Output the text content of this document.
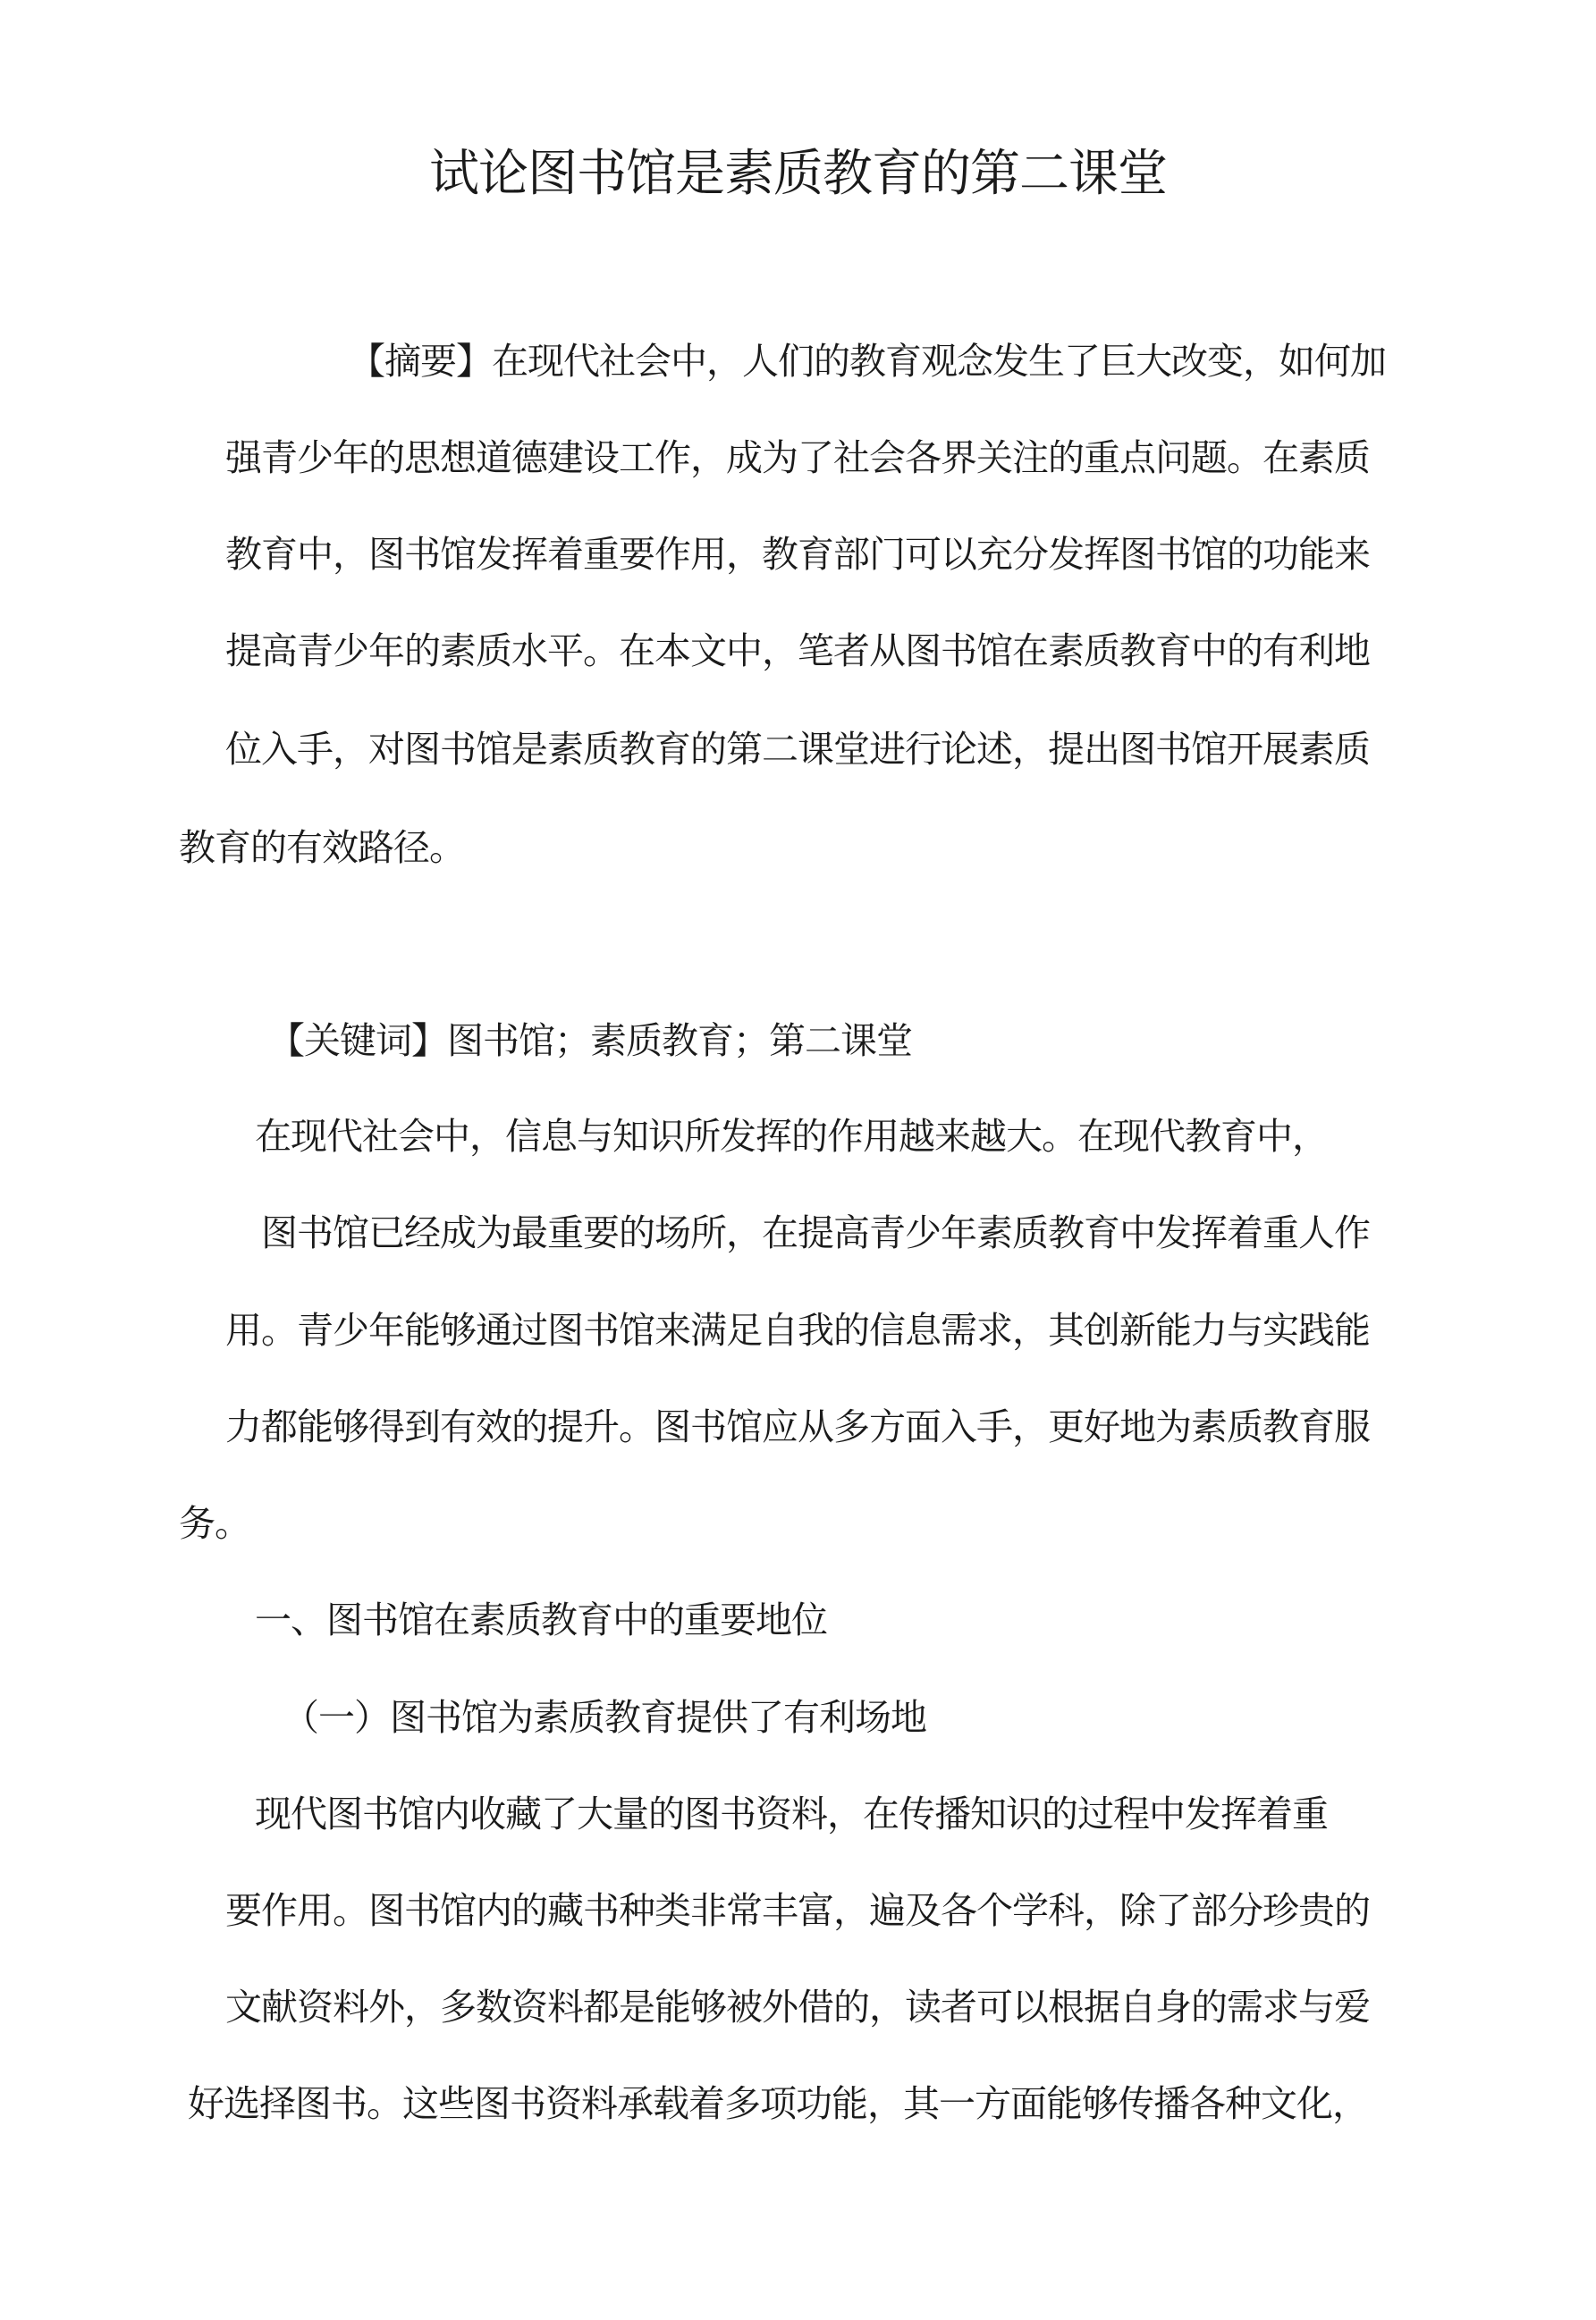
试论图书馆是素质教育的第二课堂
【摘要】在现代社会中，人们的教育观念发生了巨大改变，如何加
强青少年的思想道德建设工作，成为了社会各界关注的重点问题。在素质
教育中，图书馆发挥着重要作用，教育部门可以充分发挥图书馆的功能来
提高青少年的素质水平。在本文中，笔者从图书馆在素质教育中的有利地
位入手，对图书馆是素质教育的第二课堂进行论述，提出图书馆开展素质
教育的有效路径。
【关键词】图书馆；素质教育；第二课堂
在现代社会中，信息与知识所发挥的作用越来越大。在现代教育中，
图书馆已经成为最重要的场所，在提高青少年素质教育中发挥着重人作
用。青少年能够通过图书馆来满足自我的信息需求，其创新能力与实践能
力都能够得到有效的提升。图书馆应从多方面入手，更好地为素质教育服
务。
一、图书馆在素质教育中的重要地位
（一）图书馆为素质教育提供了有利场地
现代图书馆内收藏了大量的图书资料，在传播知识的过程中发挥着重
要作用。图书馆内的藏书种类非常丰富，遍及各个学科，除了部分珍贵的
文献资料外，多数资料都是能够被外借的，读者可以根据自身的需求与爱
好选择图书。这些图书资料承载着多项功能，其一方面能够传播各种文化，
